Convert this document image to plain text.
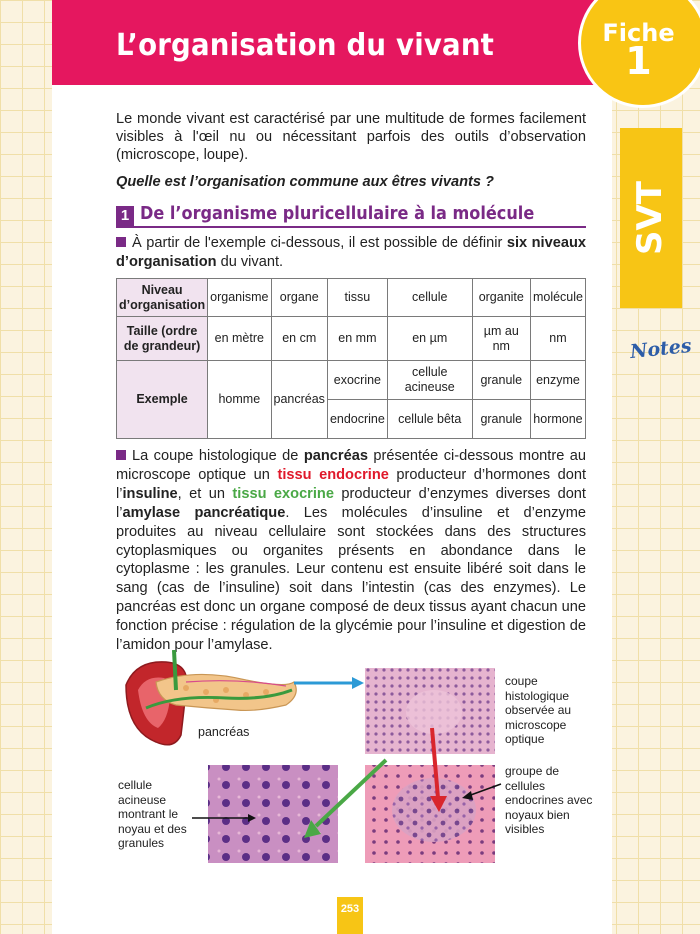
L’organisation du vivant	Fiche
1
SVT
Notes

Le monde vivant est caractérisé par une multitude de formes facilement visibles à l'œil nu ou nécessitant parfois des outils d’observation (microscope, loupe).

Quelle est l’organisation commune aux êtres vivants ?

1 De l’organisme pluricellulaire à la molécule

À partir de l'exemple ci-dessous, il est possible de définir six niveaux d’organisation du vivant.

Niveau d’organisation	organisme	organe	tissu	cellule	organite	molécule
Taille (ordre de grandeur)	en mètre	en cm	en mm	en µm	µm au nm	nm
Exemple	homme	pancréas	exocrine	cellule acineuse	granule	enzyme
			endocrine	cellule bêta	granule	hormone

La coupe histologique de pancréas présentée ci-dessous montre au microscope optique un tissu endocrine producteur d’hormones dont l’insuline, et un tissu exocrine producteur d’enzymes diverses dont l’amylase pancréatique. Les molécules d’insuline et d’enzyme produites au niveau cellulaire sont stockées dans des structures cytoplasmiques ou organites présents en abondance dans le cytoplasme : les granules. Leur contenu est ensuite libéré soit dans le sang (cas de l’insuline) soit dans l’intestin (cas des enzymes). Le pancréas est donc un organe composé de deux tissus ayant chacun une fonction précise : régulation de la glycémie pour l’insuline et digestion de l’amidon pour l’amylase.

pancréas
coupe histologique observée au microscope optique
cellule acineuse montrant le noyau et des granules
groupe de cellules endocrines avec noyaux bien visibles
253
